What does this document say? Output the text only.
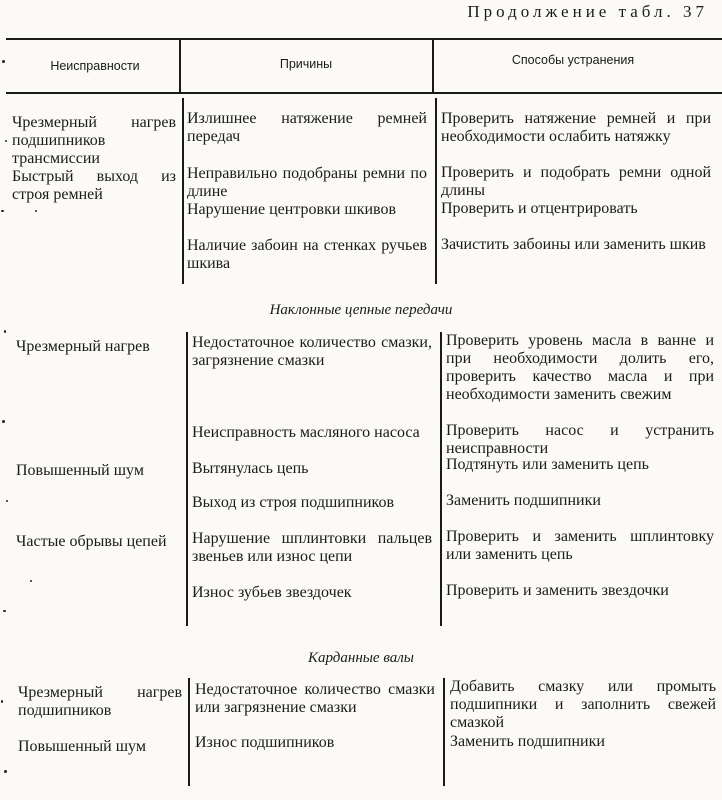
Продолжение табл. 37
Неисправности	Причины	Способы устранения
Чрезмерный нагрев подшипников трансмиссии
Быстрый выход из строя ремней
Излишнее натяжение ремней передач
Неправильно подобраны ремни по длине
Нарушение центровки шкивов
Наличие забоин на стенках ручьев шкива
Проверить натяжение ремней и при необходимости ослабить натяжку
Проверить и подобрать ремни одной длины
Проверить и отцентрировать
Зачистить забоины или заменить шкив
Наклонные цепные передачи
Чрезмерный нагрев
Повышенный шум
Частые обрывы цепей
Недостаточное количество смазки, загрязнение смазки
Неисправность масляного насоса
Вытянулась цепь
Выход из строя подшипников
Нарушение шплинтовки пальцев звеньев или износ цепи
Износ зубьев звездочек
Проверить уровень масла в ванне и при необходимости долить его, проверить качество масла и при необходимости заменить свежим
Проверить насос и устранить неисправности
Подтянуть или заменить цепь
Заменить подшипники
Проверить и заменить шплинтовку или заменить цепь
Проверить и заменить звездочки
Карданные валы
Чрезмерный нагрев подшипников
Повышенный шум
Недостаточное количество смазки или загрязнение смазки
Износ подшипников
Добавить смазку или промыть подшипники и заполнить свежей смазкой
Заменить подшипники
